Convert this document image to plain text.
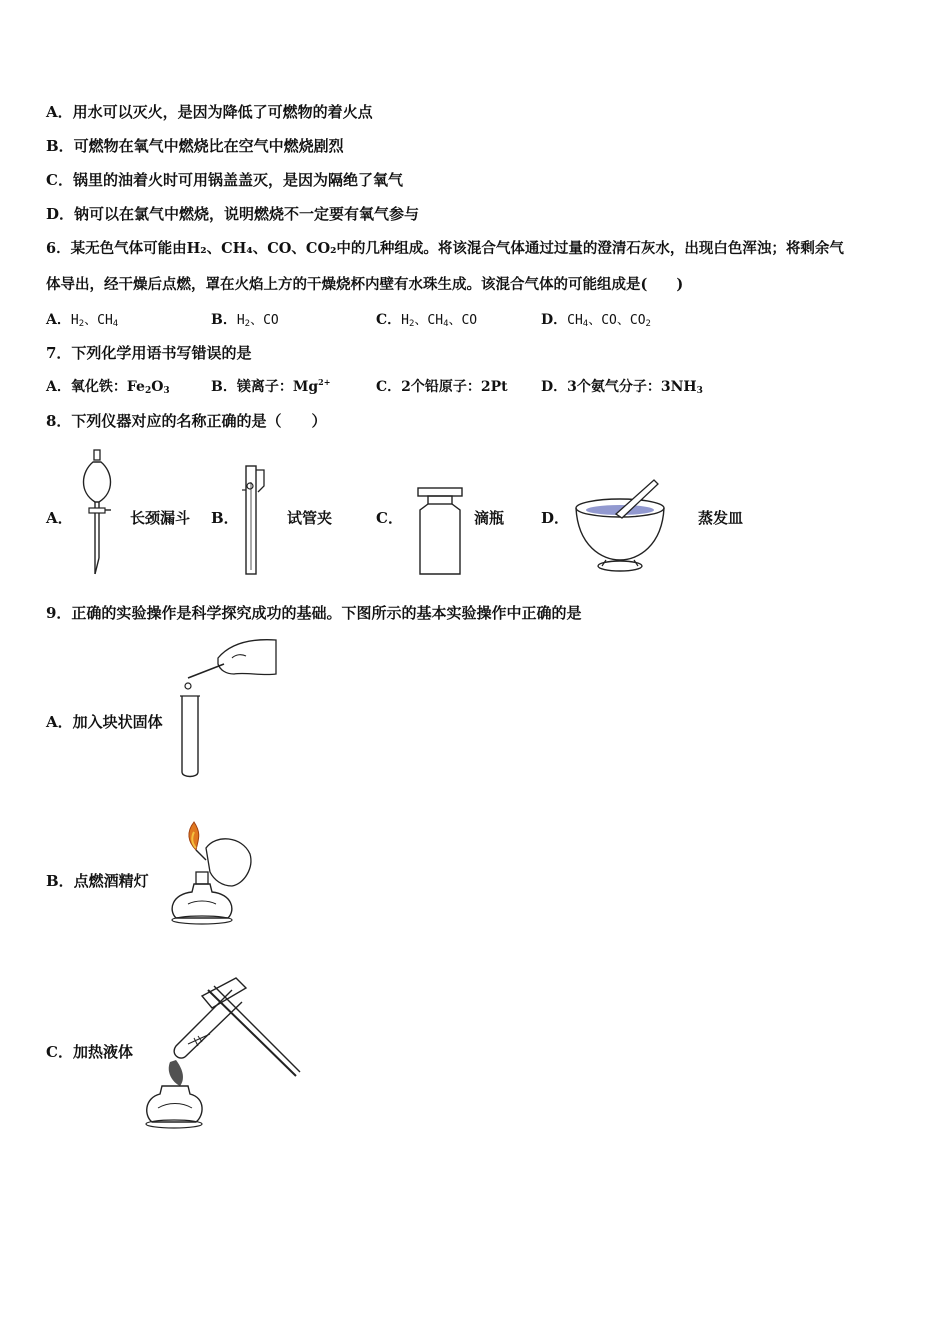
A．用水可以灭火，是因为降低了可燃物的着火点
B．可燃物在氧气中燃烧比在空气中燃烧剧烈
C．锅里的油着火时可用锅盖盖灭，是因为隔绝了氧气
D．钠可以在氯气中燃烧，说明燃烧不一定要有氧气参与
6．某无色气体可能由H₂、CH₄、CO、CO₂中的几种组成。将该混合气体通过过量的澄清石灰水，出现白色浑浊；将剩余气
体导出，经干燥后点燃，罩在火焰上方的干燥烧杯内壁有水珠生成。该混合气体的可能组成是(　　)
A．$H_2$、$CH_4$	B．$H_2$、CO	C．$H_2$、$CH_4$、CO	D．$CH_4$、CO、$CO_2$
7．下列化学用语书写错误的是
A．氧化铁：$Fe_2O_3$	B．镁离子：$Mg^{2+}$	C．2个铅原子：2Pt D．3个氨气分子：$3NH_3$
8．下列仪器对应的名称正确的是（　　）
A．	长颈漏斗 B．	试管夹	C．	滴瓶 D．	蒸发皿
9．正确的实验操作是科学探究成功的基础。下图所示的基本实验操作中正确的是
A．加入块状固体
B．点燃酒精灯
C．加热液体
